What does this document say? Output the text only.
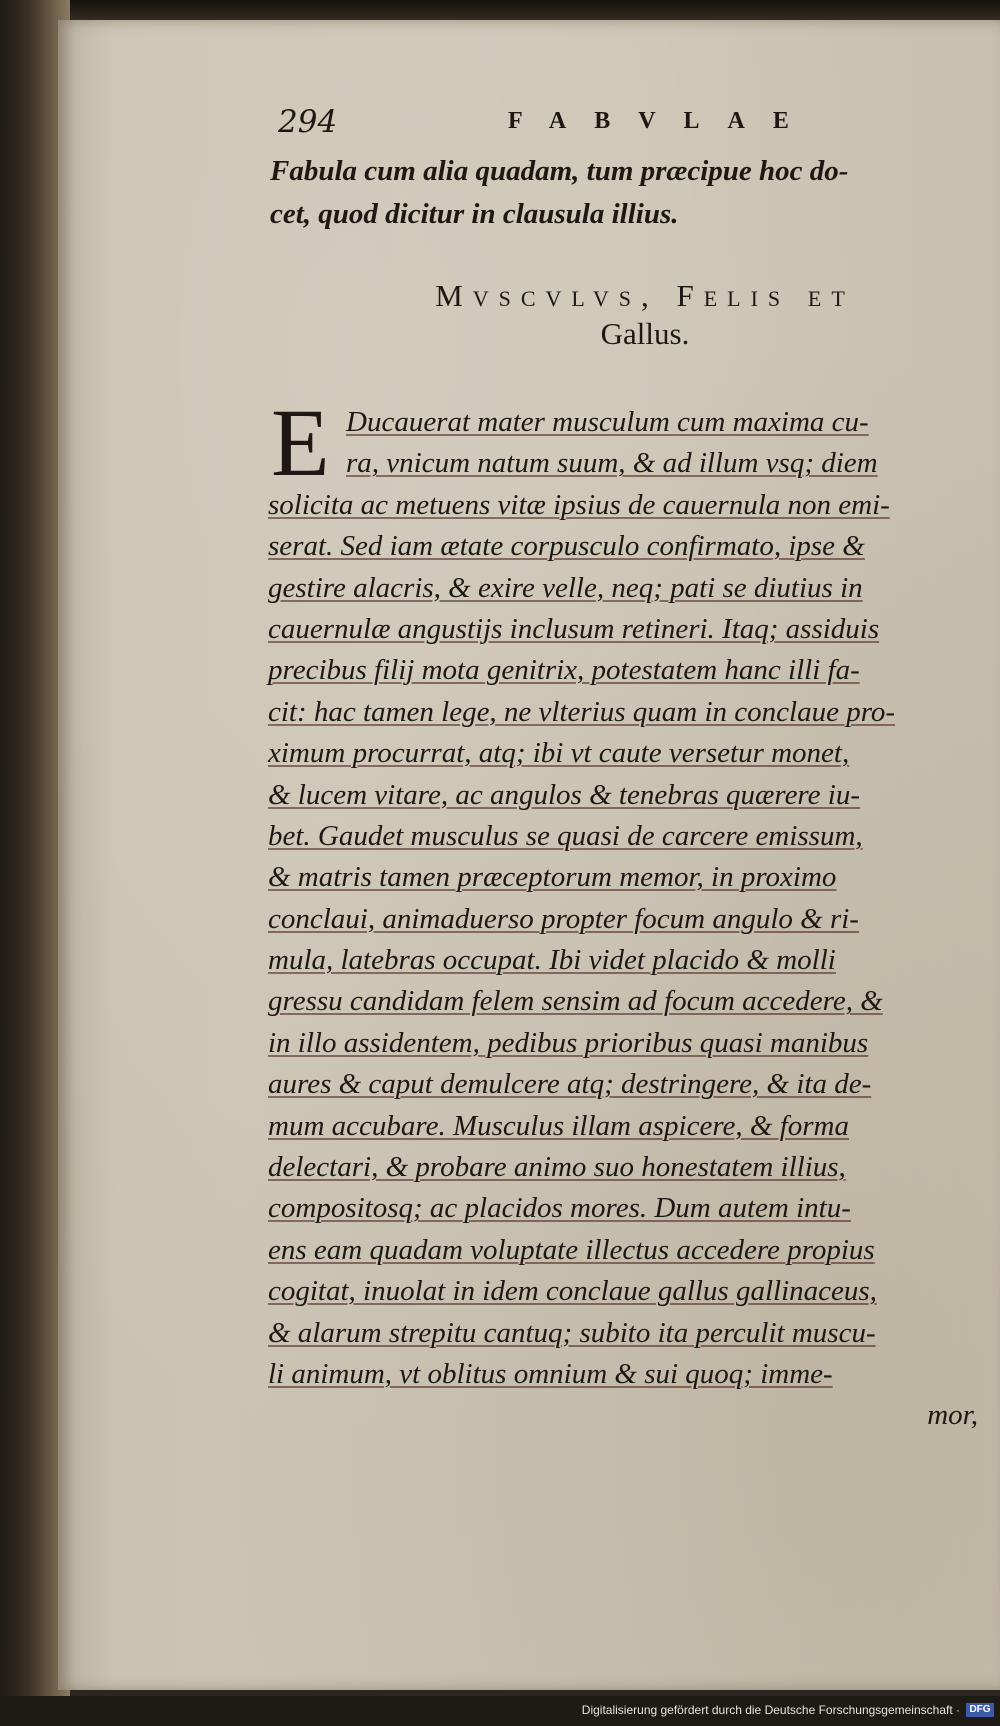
294	FABVLAE
Fabula cum alia quadam, tum præcipue hoc do-
cet, quod dicitur in clausula illius.
Mvscvlvs, Felis et
Gallus.
E Ducauerat mater musculum cum maxima cu-
ra, vnicum natum suum, & ad illum vsq; diem
solicita ac metuens vitæ ipsius de cauernula non emi-
serat. Sed iam ætate corpusculo confirmato, ipse &
gestire alacris, & exire velle, neq; pati se diutius in
cauernulæ angustijs inclusum retineri. Itaq; assiduis
precibus filij mota genitrix, potestatem hanc illi fa-
cit: hac tamen lege, ne vlterius quam in conclaue pro-
ximum procurrat, atq; ibi vt caute versetur monet,
& lucem vitare, ac angulos & tenebras quærere iu-
bet. Gaudet musculus se quasi de carcere emissum,
& matris tamen præceptorum memor, in proximo
conclaui, animaduerso propter focum angulo & ri-
mula, latebras occupat. Ibi videt placido & molli
gressu candidam felem sensim ad focum accedere, &
in illo assidentem, pedibus prioribus quasi manibus
aures & caput demulcere atq; destringere, & ita de-
mum accubare. Musculus illam aspicere, & forma
delectari, & probare animo suo honestatem illius,
compositosq; ac placidos mores. Dum autem intu-
ens eam quadam voluptate illectus accedere propius
cogitat, inuolat in idem conclaue gallus gallinaceus,
& alarum strepitu cantuq; subito ita perculit muscu-
li animum, vt oblitus omnium & sui quoq; imme-
mor,
Digitalisierung gefördert durch die Deutsche Forschungsgemeinschaft · DFG
